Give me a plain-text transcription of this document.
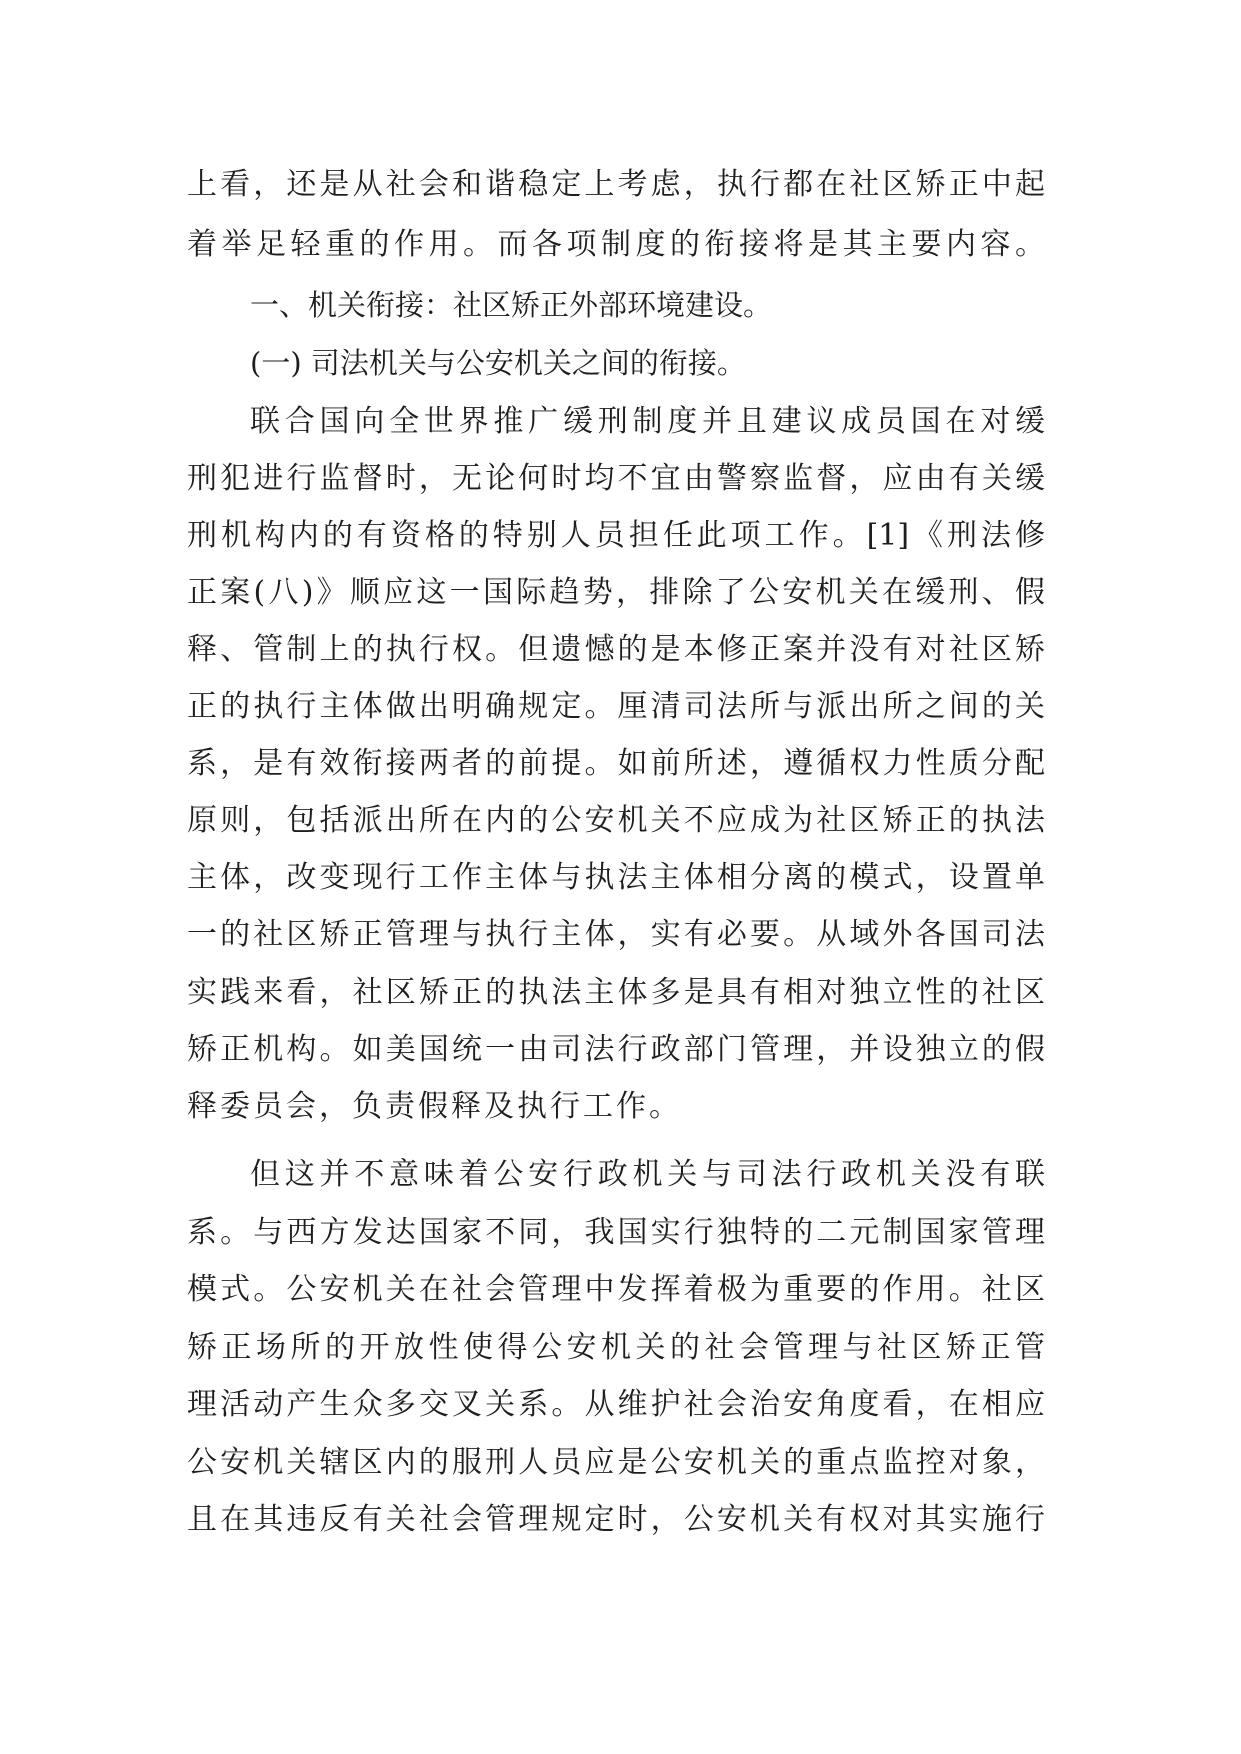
上看，还是从社会和谐稳定上考虑，执行都在社区矫正中起
着举足轻重的作用。而各项制度的衔接将是其主要内容。
一、机关衔接：社区矫正外部环境建设。
(一) 司法机关与公安机关之间的衔接。
联合国向全世界推广缓刑制度并且建议成员国在对缓
刑犯进行监督时，无论何时均不宜由警察监督，应由有关缓
刑机构内的有资格的特别人员担任此项工作。[1]《刑法修
正案(八)》顺应这一国际趋势，排除了公安机关在缓刑、假
释、管制上的执行权。但遗憾的是本修正案并没有对社区矫
正的执行主体做出明确规定。厘清司法所与派出所之间的关
系，是有效衔接两者的前提。如前所述，遵循权力性质分配
原则，包括派出所在内的公安机关不应成为社区矫正的执法
主体，改变现行工作主体与执法主体相分离的模式，设置单
一的社区矫正管理与执行主体，实有必要。从域外各国司法
实践来看，社区矫正的执法主体多是具有相对独立性的社区
矫正机构。如美国统一由司法行政部门管理，并设独立的假
释委员会，负责假释及执行工作。
但这并不意味着公安行政机关与司法行政机关没有联
系。与西方发达国家不同，我国实行独特的二元制国家管理
模式。公安机关在社会管理中发挥着极为重要的作用。社区
矫正场所的开放性使得公安机关的社会管理与社区矫正管
理活动产生众多交叉关系。从维护社会治安角度看，在相应
公安机关辖区内的服刑人员应是公安机关的重点监控对象，
且在其违反有关社会管理规定时，公安机关有权对其实施行
